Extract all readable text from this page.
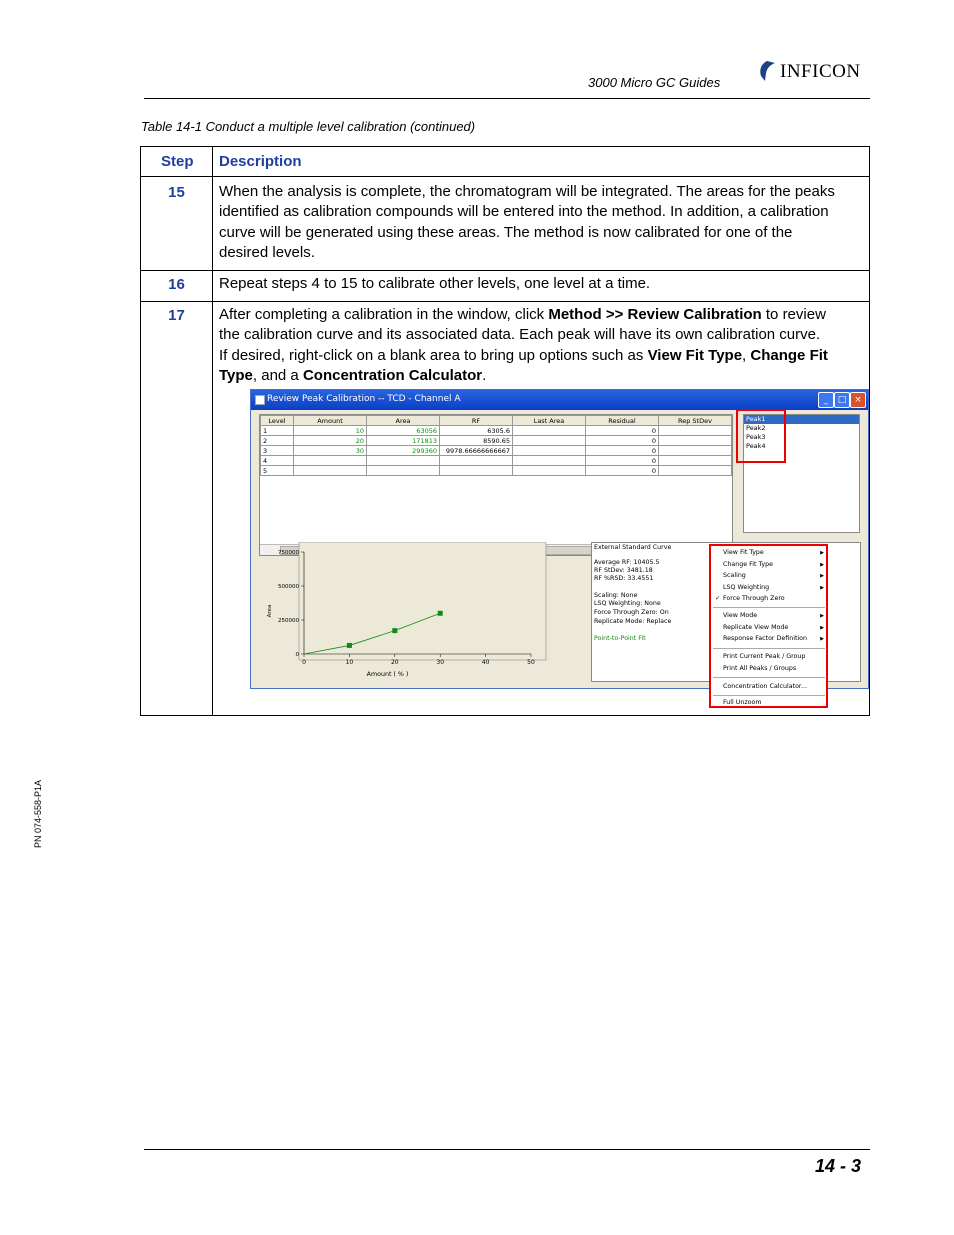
3000 Micro GC Guides
INFICON
Table 14-1 Conduct a multiple level calibration (continued)
Step Description
15	When the analysis is complete, the chromatogram will be integrated. The areas for the peaks
identified as calibration compounds will be entered into the method. In addition, a calibration
curve will be generated using these areas. The method is now calibrated for one of the
desired levels.
16	Repeat steps 4 to 15 to calibrate other levels, one level at a time.
17	After completing a calibration in the window, click Method >> Review Calibration to review
the calibration curve and its associated data. Each peak will have its own calibration curve.
If desired, right-click on a blank area to bring up options such as View Fit Type, Change Fit
Type, and a Concentration Calculator.
Review Peak Calibration -- TCD - Channel A	_	□ ×
Level	Amount	Area	RF	Last Area	Residual	Rep StDev
1	10	63056	6305.6		0	
2	20	171813	8590.65		0	
3	30	299360	9978.66666666667		0	
4					0	
5					0	
Peak1
Peak2
Peak3
Peak4
0	10	20	30	40	50
750000
500000
250000
0
Amount ( % )
Area
External Standard Curve
Average RF: 10405.5
RF StDev: 3481.18
RF %RSD: 33.4551
Scaling: None
LSQ Weighting: None
Force Through Zero: On
Replicate Mode: Replace
Point-to-Point Fit
View Fit Type	▶
Change Fit Type	▶
Scaling	▶
LSQ Weighting	▶
✓ Force Through Zero
View Mode	▶
Replicate View Mode	▶
Response Factor Definition	▶
Print Current Peak / Group
Print All Peaks / Groups
Concentration Calculator...
Full Unzoom
PN 074-558-P1A
14 - 3
